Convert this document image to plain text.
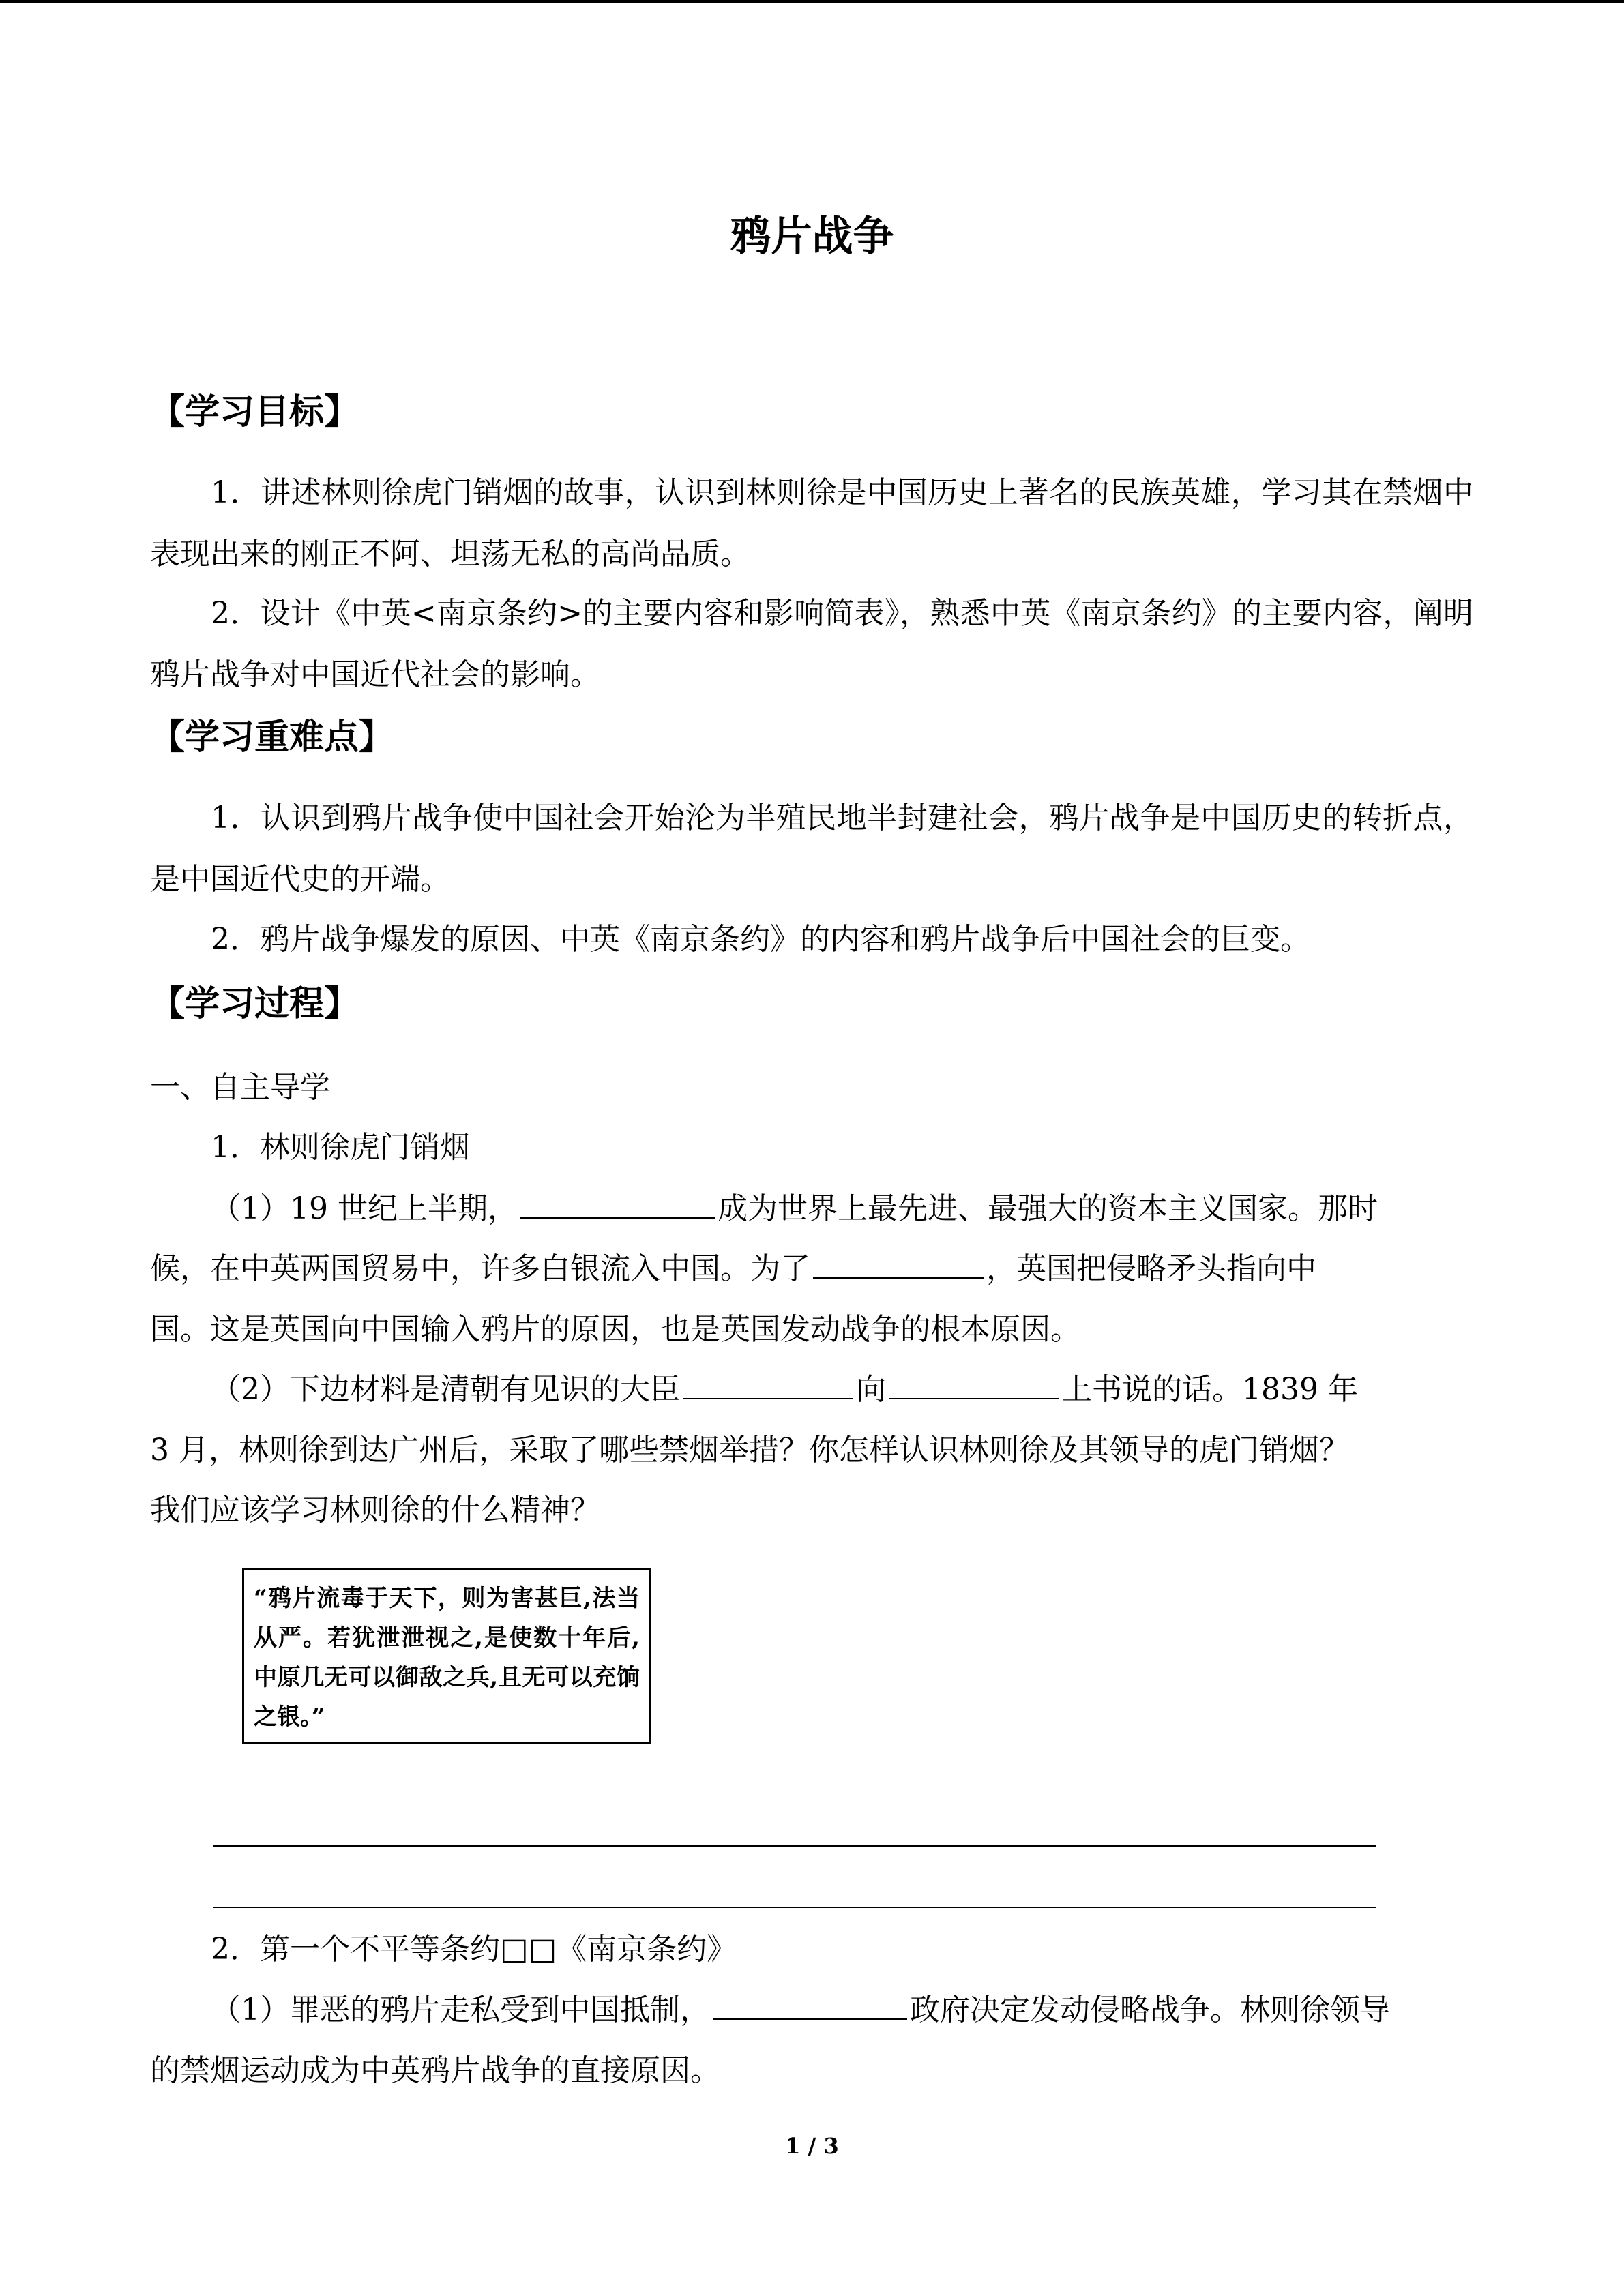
鸦片战争
【学习目标】
1．讲述林则徐虎门销烟的故事，认识到林则徐是中国历史上著名的民族英雄，学习其在禁烟中表现出来的刚正不阿、坦荡无私的高尚品质。
2．设计《中英<南京条约>的主要内容和影响简表》，熟悉中英《南京条约》的主要内容，阐明鸦片战争对中国近代社会的影响。
【学习重难点】
1．认识到鸦片战争使中国社会开始沦为半殖民地半封建社会，鸦片战争是中国历史的转折点，是中国近代史的开端。
2．鸦片战争爆发的原因、中英《南京条约》的内容和鸦片战争后中国社会的巨变。
【学习过程】
一、自主导学
1．林则徐虎门销烟
（1）19 世纪上半期，	成为世界上最先进、最强大的资本主义国家。那时
候，在中英两国贸易中，许多白银流入中国。为了	，英国把侵略矛头指向中
国。这是英国向中国输入鸦片的原因，也是英国发动战争的根本原因。
（2）下边材料是清朝有见识的大臣	向	上书说的话。1839 年
3 月，林则徐到达广州后，采取了哪些禁烟举措？你怎样认识林则徐及其领导的虎门销烟？
我们应该学习林则徐的什么精神？
“鸦片流毒于天下，则为害甚巨,法当从严。若犹泄泄视之,是使数十年后,中原几无可以御敌之兵,且无可以充饷之银。”
2．第一个不平等条约□□《南京条约》
（1）罪恶的鸦片走私受到中国抵制，	政府决定发动侵略战争。林则徐领导
的禁烟运动成为中英鸦片战争的直接原因。
1 / 3
